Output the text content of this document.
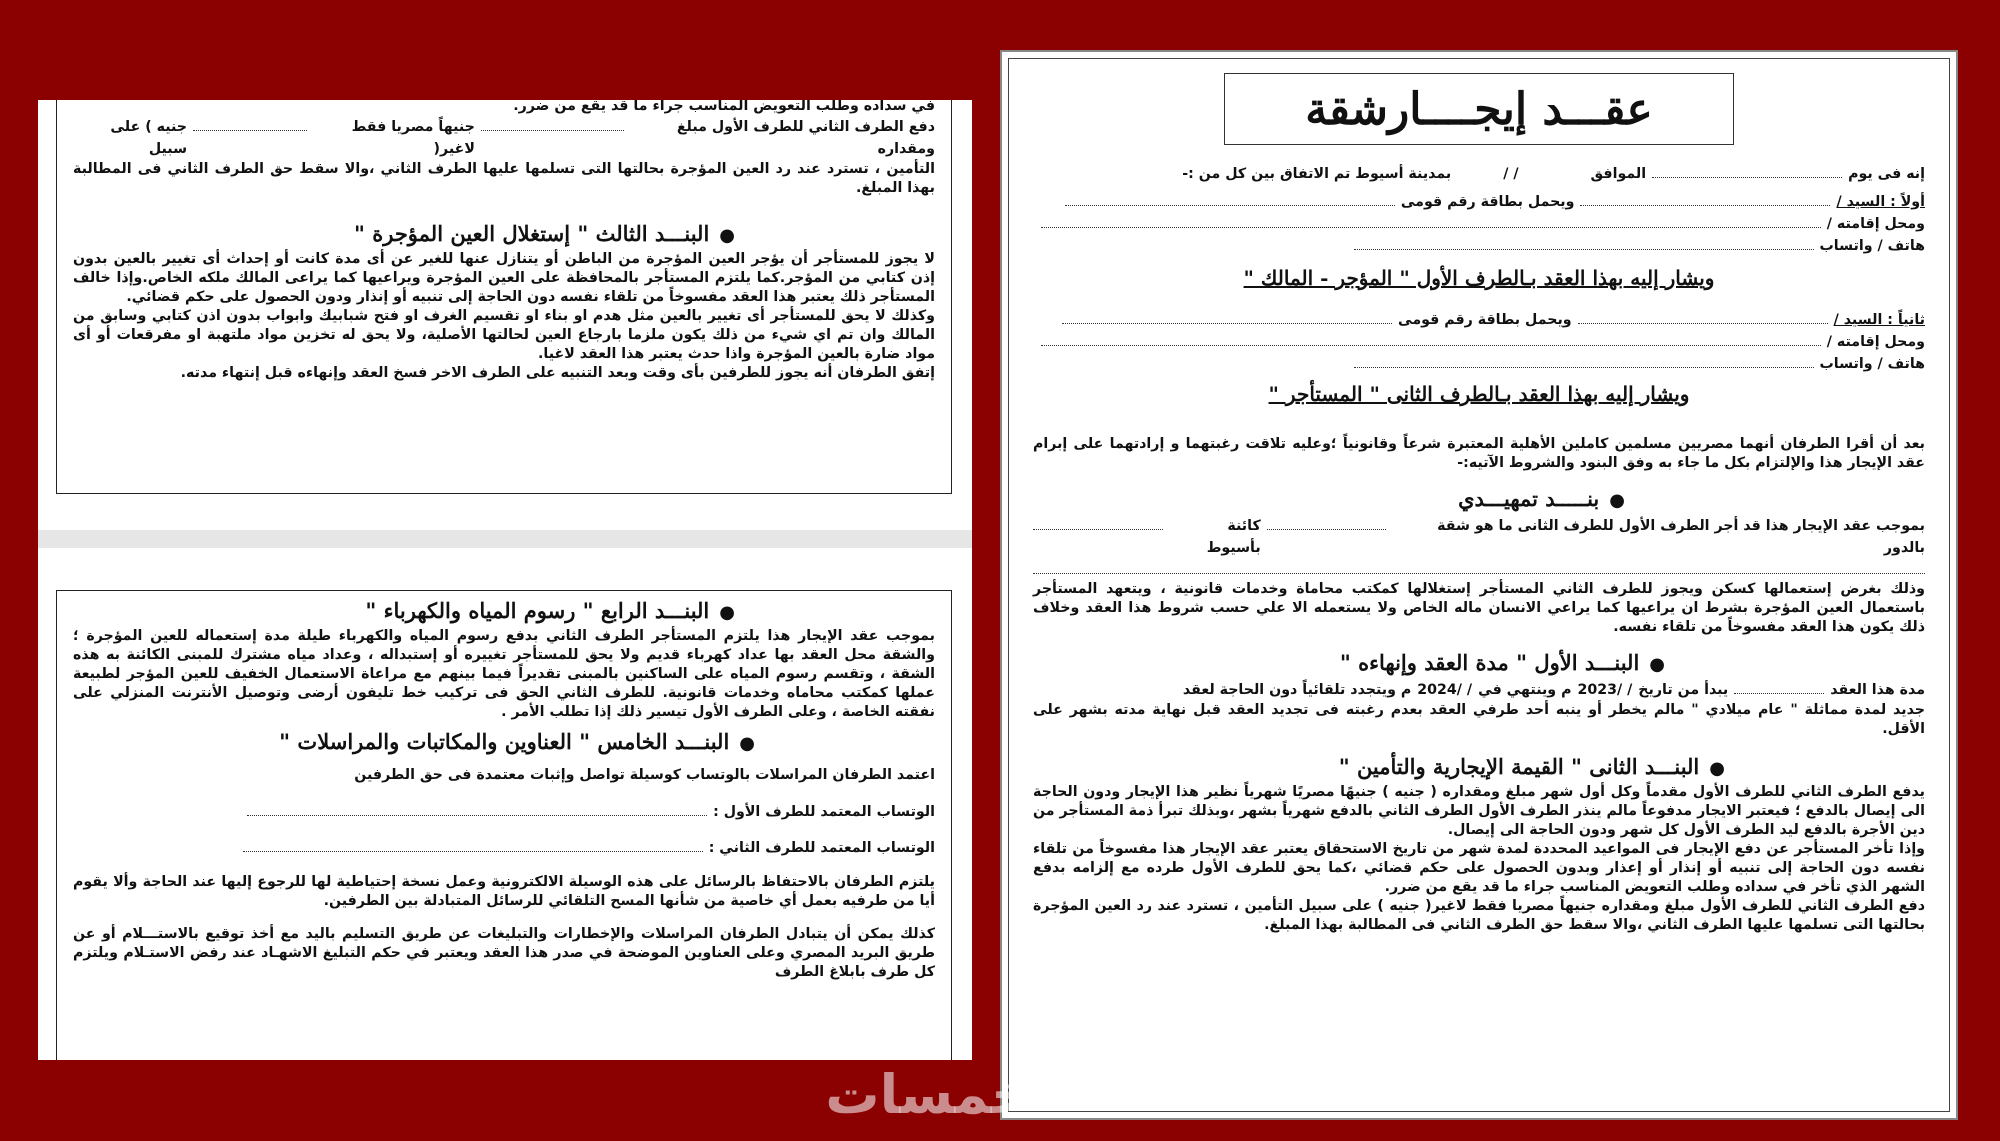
في سداده وطلب التعويض المناسب جراء ما قد يقع من ضرر.

دفع الطرف الثاني للطرف الأول مبلغ ومقداره
جنيهاً مصريا فقط لاغير(
جنيه ) على سبيل

التأمين ، تسترد عند رد العين المؤجرة بحالتها التى تسلمها عليها الطرف الثاني ،والا سقط حق الطرف الثاني فى المطالبة بهذا المبلغ.

●البنـــد الثالث " إستغلال العين المؤجرة "

لا يجوز للمستأجر أن يؤجر العين المؤجرة من الباطن أو يتنازل عنها للغير عن أى مدة كانت أو إحداث أى تغيير بالعين بدون إذن كتابي من المؤجر.كما يلتزم المستأجر بالمحافظة على العين المؤجرة ويراعيها كما يراعى المالك ملكه الخاص.وإذا خالف المستأجر ذلك يعتبر هذا العقد مفسوخاً من تلقاء نفسه دون الحاجة إلى تنبيه أو إنذار ودون الحصول على حكم قضائي.

وكذلك لا يحق للمستأجر أى تغيير بالعين مثل هدم او بناء او تقسيم الغرف او فتح شبابيك وابواب بدون اذن كتابي وسابق من المالك وان تم اي شيء من ذلك يكون ملزما بارجاع العين لحالتها الأصلية، ولا يحق له تخزين مواد ملتهبة او مفرقعات أو أى مواد ضارة بالعين المؤجرة واذا حدث يعتبر هذا العقد لاغيا.

إتفق الطرفان أنه يجوز للطرفين بأى وقت وبعد التنبيه على الطرف الاخر فسخ العقد وإنهاءه قبل إنتهاء مدته.

●البنـــد الرابع " رسوم المياه والكهرباء "

بموجب عقد الإيجار هذا يلتزم المستأجر الطرف الثاني بدفع رسوم المياه والكهرباء طيلة مدة إستعماله للعين المؤجرة ؛ والشقة محل العقد بها عداد كهرباء قديم ولا يحق للمستأجر تغييره أو إستبداله ، وعداد مياه مشترك للمبنى الكائنة به هذه الشقة ، وتقسم رسوم المياه على الساكنين بالمبنى تقديراً فيما بينهم مع مراعاة الاستعمال الخفيف للعين المؤجر لطبيعة عملها كمكتب محاماه وخدمات قانونية. للطرف الثاني الحق فى تركيب خط تليفون أرضى وتوصيل الأنترنت المنزلي على نفقته الخاصة ، وعلى الطرف الأول تيسير ذلك إذا تطلب الأمر .

●البنـــد الخامس " العناوين والمكاتبات والمراسلات "

اعتمد الطرفان المراسلات بالوتساب كوسيلة تواصل وإثبات معتمدة فى حق الطرفين

الوتساب المعتمد للطرف الأول :
الوتساب المعتمد للطرف الثاني :

يلتزم الطرفان بالاحتفاظ بالرسائل على هذه الوسيلة الالكترونية وعمل نسخة إحتياطية لها للرجوع إليها عند الحاجة وألا يقوم أيا من طرفيه بعمل أي خاصية من شأنها المسح التلقائي للرسائل المتبادلة بين الطرفين.

كذلك يمكن أن يتبادل الطرفان المراسلات والإخطارات والتبليغات عن طريق التسليم باليد مع أخذ توقيع بالاستـــلام أو عن طريق البريد المصري وعلى العناوين الموضحة في صدر هذا العقد ويعتبر في حكم التبليغ الاشهـاد عند رفض الاستـلام ويلتزم كل طرف بابلاغ الطرف

عقـــد إيجــــارشقة
إنه فى يوم
الموافق
/ /
بمدينة أسيوط تم الاتفاق بين كل من :-
أولاً : السيد /
ويحمل بطاقة رقم قومى
ومحل إقامته /
هاتف / واتساب

ويشار إليه بهذا العقد بـالطرف الأول " المؤجر - المالك "

ثانياً : السيد /
ويحمل بطاقة رقم قومى
ومحل إقامته /
هاتف / واتساب

ويشار إليه بهذا العقد بـالطرف الثانى " المستأجر "

بعد أن أقرا الطرفان أنهما مصريين مسلمين كاملين الأهلية المعتبرة شرعاً وقانونياً ؛وعليه تلاقت رغبتهما و إرادتهما على إبرام عقد الإيجار هذا والإلتزام بكل ما جاء به وفق البنود والشروط الآتيه:-

●بنـــــد تمهيـــدي

بموجب عقد الإيجار هذا قد أجر الطرف الأول للطرف الثانى ما هو شقة بالدور
كائنة بأسيوط

وذلك بغرض إستعمالها كسكن ويجوز للطرف الثاني المستأجر إستغلالها كمكتب محاماة وخدمات قانونية ، ويتعهد المستأجر باستعمال العين المؤجرة بشرط ان يراعيها كما يراعي الانسان ماله الخاص ولا يستعمله الا علي حسب شروط هذا العقد وخلاف ذلك يكون هذا العقد مفسوخاً من تلقاء نفسه.

●البنـــد الأول " مدة العقد وإنهاءه "

مدة هذا العقد
يبدأ من تاريخ
/ /2023
م وينتهي في
/ /2024
م ويتجدد تلقائياً دون الحاجة لعقد

جديد لمدة مماثلة " عام ميلادي " مالم يخطر أو ينبه أحد طرفي العقد بعدم رغبته فى تجديد العقد قبل نهاية مدته بشهر على الأقل.

●البنـــد الثانى " القيمة الإيجارية والتأمين "

يدفع الطرف الثاني للطرف الأول مقدماً وكل أول شهر مبلغ ومقداره ( جنيه ) جنيهًا مصريًا شهرياً نظير هذا الإيجار ودون الحاجة الى إيصال بالدفع ؛ فيعتبر الايجار مدفوعاً مالم ينذر الطرف الأول الطرف الثاني بالدفع شهرياً بشهر ،وبذلك تبرأ ذمة المستأجر من دين الأجرة بالدفع ليد الطرف الأول كل شهر ودون الحاجة الى إيصال.

وإذا تأخر المستأجر عن دفع الإيجار فى المواعيد المحددة لمدة شهر من تاريخ الاستحقاق يعتبر عقد الإيجار هذا مفسوخاً من تلقاء نفسه دون الحاجة إلى تنبيه أو إنذار أو إعذار وبدون الحصول على حكم قضائي ،كما يحق للطرف الأول طرده مع إلزامه بدفع الشهر الذي تأخر في سداده وطلب التعويض المناسب جراء ما قد يقع من ضرر.

دفع الطرف الثاني للطرف الأول مبلغ ومقداره جنيهاً مصريا فقط لاغير( جنيه ) على سبيل التأمين ، تسترد عند رد العين المؤجرة بحالتها التى تسلمها عليها الطرف الثاني ،والا سقط حق الطرف الثاني فى المطالبة بهذا المبلغ.

خمسات
